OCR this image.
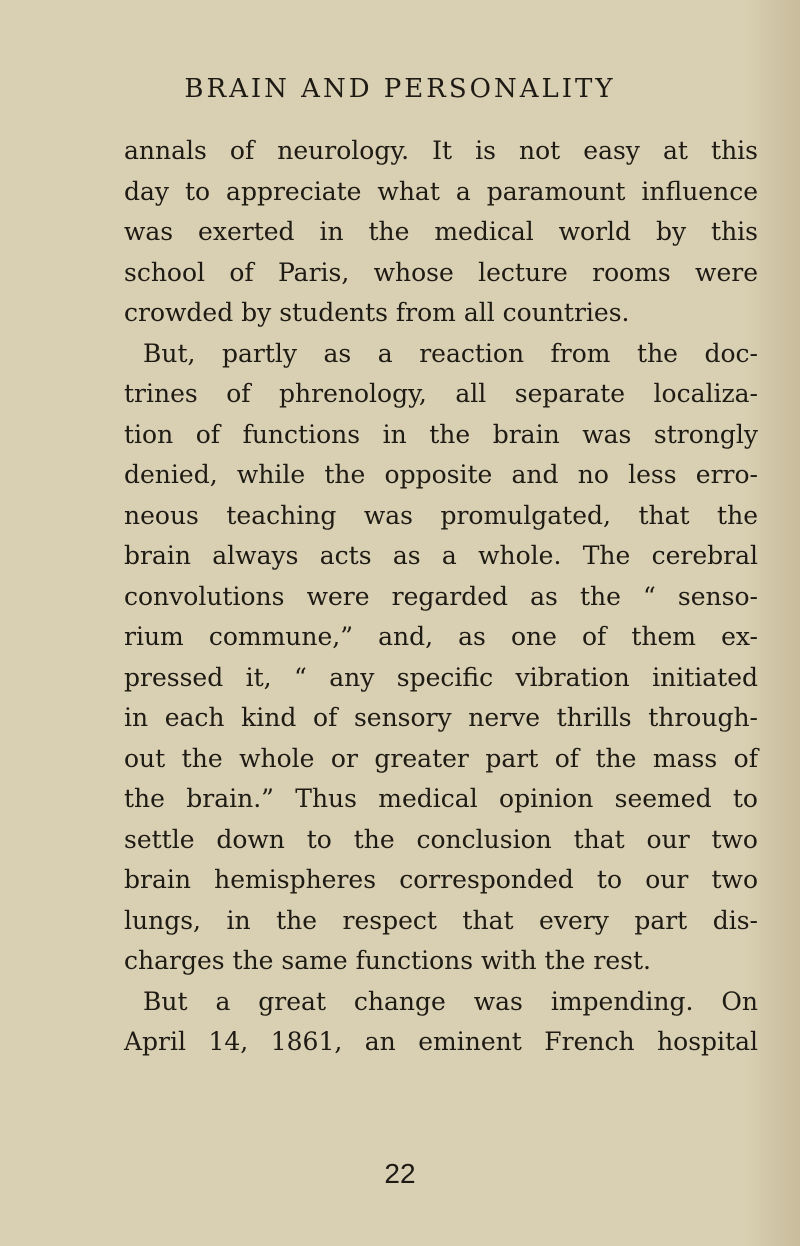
BRAIN AND PERSONALITY
annals of neurology. It is not easy at this
day to appreciate what a paramount influence
was exerted in the medical world by this
school of Paris, whose lecture rooms were
crowded by students from all countries.
But, partly as a reaction from the doc-
trines of phrenology, all separate localiza-
tion of functions in the brain was strongly
denied, while the opposite and no less erro-
neous teaching was promulgated, that the
brain always acts as a whole. The cerebral
convolutions were regarded as the “ senso-
rium commune,” and, as one of them ex-
pressed it, “ any specific vibration initiated
in each kind of sensory nerve thrills through-
out the whole or greater part of the mass of
the brain.” Thus medical opinion seemed to
settle down to the conclusion that our two
brain hemispheres corresponded to our two
lungs, in the respect that every part dis-
charges the same functions with the rest.
But a great change was impending. On
April 14, 1861, an eminent French hospital
22
